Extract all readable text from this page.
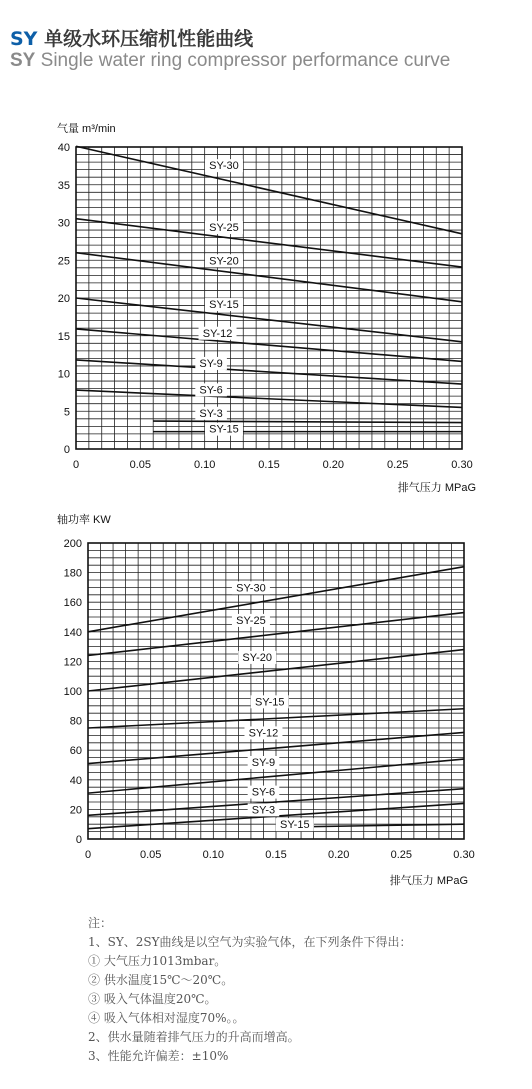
SY 单级水环压缩机性能曲线
SY Single water ring compressor performance curve
0
5
10
15
20
25
30
35
40
0	0.05	0.10	0.15	0.20	0.25	0.30
气量 m³/min
排气压力 MPaG
SY-30
SY-25
SY-20
SY-15
SY-12
SY-9
SY-6
SY-3
SY-15
0
20
40
60
80
100
120
140
160
180
200
0	0.05	0.10	0.15	0.20	0.25	0.30
轴功率 KW
排气压力 MPaG
SY-30
SY-25
SY-20
SY-15
SY-12
SY-9
SY-6
SY-3
SY-15
注：
1、SY、2SY曲线是以空气为实验气体，在下列条件下得出：
① 大气压力1013mbar。
② 供水温度15℃～20℃。
③ 吸入气体温度20℃。
④ 吸入气体相对湿度70%。。
2、供水量随着排气压力的升高而增高。
3、性能允许偏差：±10%
